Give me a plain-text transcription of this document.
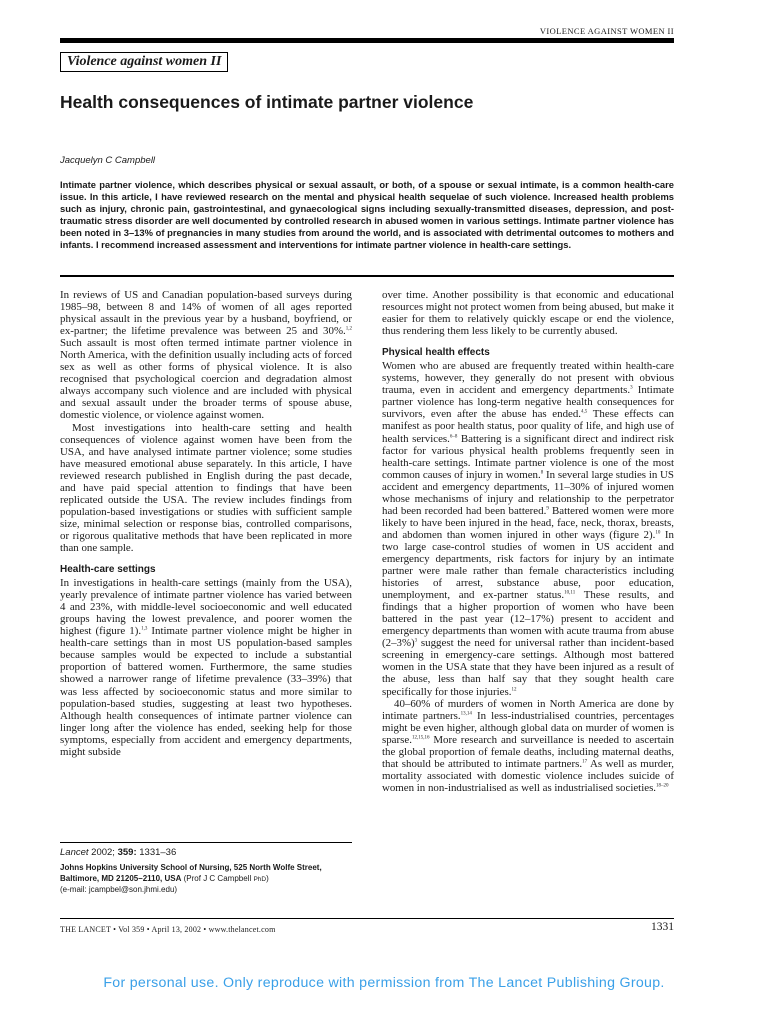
VIOLENCE AGAINST WOMEN II
Violence against women II
Health consequences of intimate partner violence
Jacquelyn C Campbell

Intimate partner violence, which describes physical or sexual assault, or both, of a spouse or sexual intimate, is a common health-care issue. In this article, I have reviewed research on the mental and physical health sequelae of such violence. Increased health problems such as injury, chronic pain, gastrointestinal, and gynaecological signs including sexually-transmitted diseases, depression, and post-traumatic stress disorder are well documented by controlled research in abused women in various settings. Intimate partner violence has been noted in 3–13% of pregnancies in many studies from around the world, and is associated with detrimental outcomes to mothers and infants. I recommend increased assessment and interventions for intimate partner violence in health-care settings.

In reviews of US and Canadian population-based surveys during 1985–98, between 8 and 14% of women of all ages reported physical assault in the previous year by a husband, boyfriend, or ex-partner; the lifetime prevalence was between 25 and 30%.$^{1,2}$ Such assault is most often termed intimate partner violence in North America, with the definition usually including acts of forced sex as well as other forms of physical violence. It is also recognised that psychological coercion and degradation almost always accompany such violence and are included with physical and sexual assault under the broader terms of spouse abuse, domestic violence, or violence against women.

Most investigations into health-care setting and health consequences of violence against women have been from the USA, and have analysed intimate partner violence; some studies have measured emotional abuse separately. In this article, I have reviewed research published in English during the past decade, and have paid special attention to findings that have been replicated outside the USA. The review includes findings from population-based investigations or studies with sufficient sample size, minimal selection or response bias, controlled comparisons, or rigorous qualitative methods that have been replicated in more than one sample.

Health-care settings

In investigations in health-care settings (mainly from the USA), yearly prevalence of intimate partner violence has varied between 4 and 23%, with middle-level socioeconomic and well educated groups having the lowest prevalence, and poorer women the highest (figure 1).$^{1,3}$ Intimate partner violence might be higher in health-care settings than in most US population-based samples because samples would be expected to include a substantial proportion of battered women. Furthermore, the same studies showed a narrower range of lifetime prevalence (33–39%) that was less affected by socioeconomic status and more similar to population-based studies, suggesting at least two hypotheses. Although health consequences of intimate partner violence can linger long after the violence has ended, seeking help for those symptoms, especially from accident and emergency departments, might subside

over time. Another possibility is that economic and educational resources might not protect women from being abused, but make it easier for them to relatively quickly escape or end the violence, thus rendering them less likely to be currently abused.

Physical health effects

Women who are abused are frequently treated within health-care systems, however, they generally do not present with obvious trauma, even in accident and emergency departments.$^3$ Intimate partner violence has long-term negative health consequences for survivors, even after the abuse has ended.$^{4,5}$ These effects can manifest as poor health status, poor quality of life, and high use of health services.$^{6-8}$ Battering is a significant direct and indirect risk factor for various physical health problems frequently seen in health-care settings. Intimate partner violence is one of the most common causes of injury in women.$^8$ In several large studies in US accident and emergency departments, 11–30% of injured women whose mechanisms of injury and relationship to the perpetrator had been recorded had been battered.$^9$ Battered women were more likely to have been injured in the head, face, neck, thorax, breasts, and abdomen than women injured in other ways (figure 2).$^{10}$ In two large case-control studies of women in US accident and emergency departments, risk factors for injury by an intimate partner were male rather than female characteristics including histories of arrest, substance abuse, poor education, unemployment, and ex-partner status.$^{10,11}$ These results, and findings that a higher proportion of women who have been battered in the past year (12–17%) present to accident and emergency departments than women with acute trauma from abuse $(2-3\%)^3$ suggest the need for universal rather than incident-based screening in emergency-care settings. Although most battered women in the USA state that they have been injured as a result of the abuse, less than half say that they sought health care specifically for those injuries.$^{12}$

40–60% of murders of women in North America are done by intimate partners.$^{13,14}$ In less-industrialised countries, percentages might be even higher, although global data on murder of women is sparse.$^{12,15,16}$ More research and surveillance is needed to ascertain the global proportion of female deaths, including maternal deaths, that should be attributed to intimate partners.$^{17}$ As well as murder, mortality associated with domestic violence includes suicide of women in non-industrialised as well as industrialised societies.$^{18-20}$

Lancet 2002; 359: 1331–36
Johns Hopkins University School of Nursing, 525 North Wolfe Street, Baltimore, MD 21205–2110, USA (Prof J C Campbell PhD)
(e-mail: jcampbel@son.jhmi.edu)
THE LANCET • Vol 359 • April 13, 2002 • www.thelancet.com	1331
For personal use. Only reproduce with permission from The Lancet Publishing Group.
